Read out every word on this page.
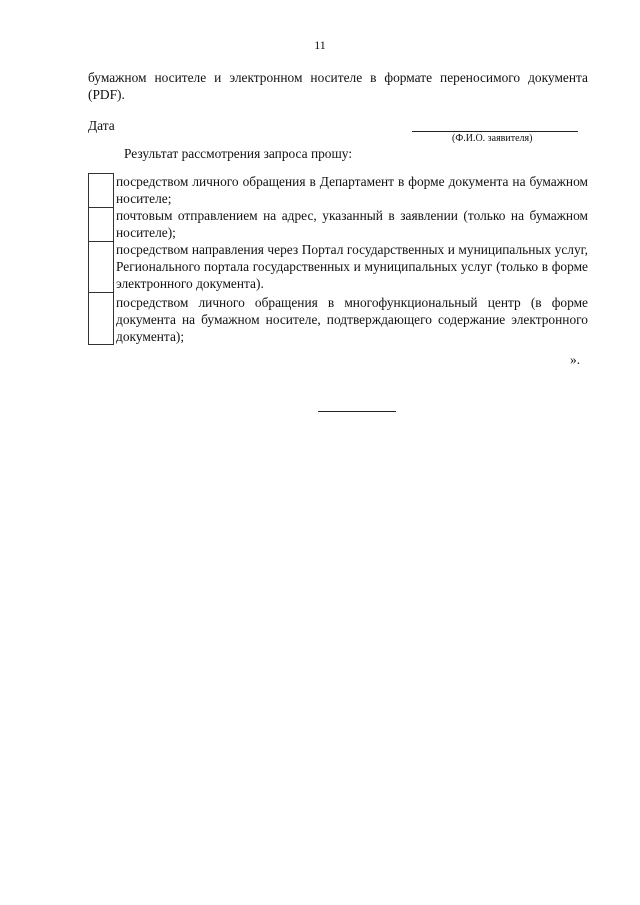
11
бумажном носителе и электронном носителе в формате переносимого документа (PDF).
Дата
(Ф.И.О. заявителя)
Результат рассмотрения запроса прошу:
посредством личного обращения в Департамент в форме документа на бумажном носителе;
почтовым отправлением на адрес, указанный в заявлении (только на бумажном носителе);
посредством направления через Портал государственных и муниципальных услуг, Регионального портала государственных и муниципальных услуг (только в форме электронного документа).
посредством личного обращения в многофункциональный центр (в форме документа на бумажном носителе, подтверждающего содержание электронного документа);
».
